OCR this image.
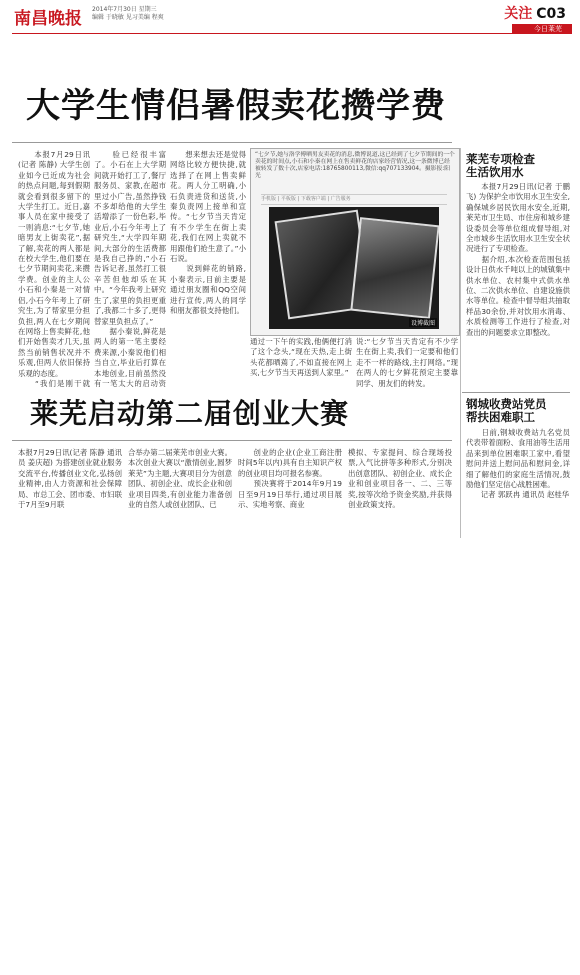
南昌晚报 2014年7月30日 星期三
编辑 于晓敏 见习美编 程爽	关注 C03
今日莱芜
大学生情侣暑假卖花攒学费

　　本报7月29日讯(记者 陈静) 大学生创业如今已近成为社会的热点问题,每到假期就会看到很多留下的大学生打工。近日,嘉事人员在家中接受了一则消息:“七夕节,她暗男友上街卖花”,据了解,卖花的两人都是在校大学生,他们要在七夕节期间卖花,来攒学费。创业的主人公小石和小秦是一对情侣,小石今年考上了研究生,为了帮家里分担负担,两人在七夕期间在网络上售卖鲜花,他们开始售卖才几天,虽然当前销售状况并不乐观,但两人依旧保持乐观的态度。

　　“我们是刚干就

　　验已经很丰富了。小石在上大学期间就开始打工了,餐厅服务员、家教,在超市里过小广告,虽然挣钱不多却给他的大学生活增添了一份色彩,毕业后,小石今年考上了研究生,“大学四年期间,大部分的生活费都是我自己挣的,”小石告诉记者,虽然打工很辛苦但他却乐在其中。“今年我考上研究生了,家里的负担更重了,我都二十多了,更得替家里负担点了。”

　　据小秦说,鲜花是两人的第一笔主要经费来源,小秦说他们相当自立,毕业后打算在本地创业,目前虽然没有一笔太大的启动资

　　想来想去还是觉得网络比较方便快捷,就选择了在网上售卖鲜花。两人分工明确,小石负责进货和送货,小秦负责网上接单和宣传。“七夕节当天肯定有不少学生在街上卖花,我们在网上卖就不用跟他们抢生意了。”小石说。

　　说到鲜花的销路,小秦表示,目前主要是通过朋友圈和QQ空间进行宣传,两人的同学和朋友都很支持他们。

“七夕节,她与洛学傅晒男友卖花的消息,微博说道,这已经到了七夕节期间的一个卖花的时间点,小石和小秦在网上在售卖鲜花的店家经营情况,这一条微博已经被转发了数十次,店家电话:18765800113,微信:qq707133904。摄影报:阳光
手机版 | 平板版 | 下载客户端 | 广告服务
设博截图
通过一下午的实践,他俩便打消了这个念头,“现在天热,走上街头花都晒蔫了,不如直接在网上买,七夕节当天再送到人家里。”
说:“七夕节当天肯定有不少学生在街上卖,我们一定要和他们走不一样的路线,主打网络。”现在两人的七夕鲜花预定主要靠同学、朋友们的转发。
莱芜专项检查
生活饮用水

　　本报7月29日讯(记者 于鹏飞) 为保护全市饮用水卫生安全,确保城乡居民饮用水安全,近期,莱芜市卫生局、市住房和城乡建设委员会等单位组成督导组,对全市城乡生活饮用水卫生安全状况进行了专项检查。

　　据介绍,本次检查范围包括设计日供水千吨以上的城镇集中供水单位、农村集中式供水单位、二次供水单位、自建设施供水等单位。检查中督导组共抽取样品30余份,并对饮用水消毒、水质检测等工作进行了检查,对查出的问题要求立即整改。

莱芜启动第二届创业大赛
本报7月29日讯(记者 陈静 通讯员 姜庆超) 为搭建创业就业服务交流平台,传播创业文化,弘扬创业精神,由人力资源和社会保障局、市总工会、团市委、市妇联于7月至9月联
合举办第二届莱芜市创业大赛。本次创业大赛以“激情创业,圆梦莱芜”为主题,大赛项目分为创意团队、初创企业、成长企业和创业项目四类,有创业能力准备创业的自然人或创业团队、已

　　创业的企业(企业工商注册时间5年以内)具有自主知识产权的创业项目均可报名参赛。

　　预决赛将于2014年9月19日至9月19日举行,通过项目展示、实地考察、商业

模拟、专家提问、综合现场投票,入气比拼等多种形式,分别决出创意团队、初创企业、成长企业和创业项目各一、二、三等奖,按等次给予资金奖励,并获得创业政策支持。
钢城收费站党员
帮扶困难职工

　　日前,钢城收费站九名党员代表带着面粉、食用油等生活用品来到单位困难职工家中,看望慰问并送上慰问品和慰问金,详细了解他们的家庭生活情况,鼓励他们坚定信心战胜困难。

　　记者 郭跃冉 通讯员 赵桂华
